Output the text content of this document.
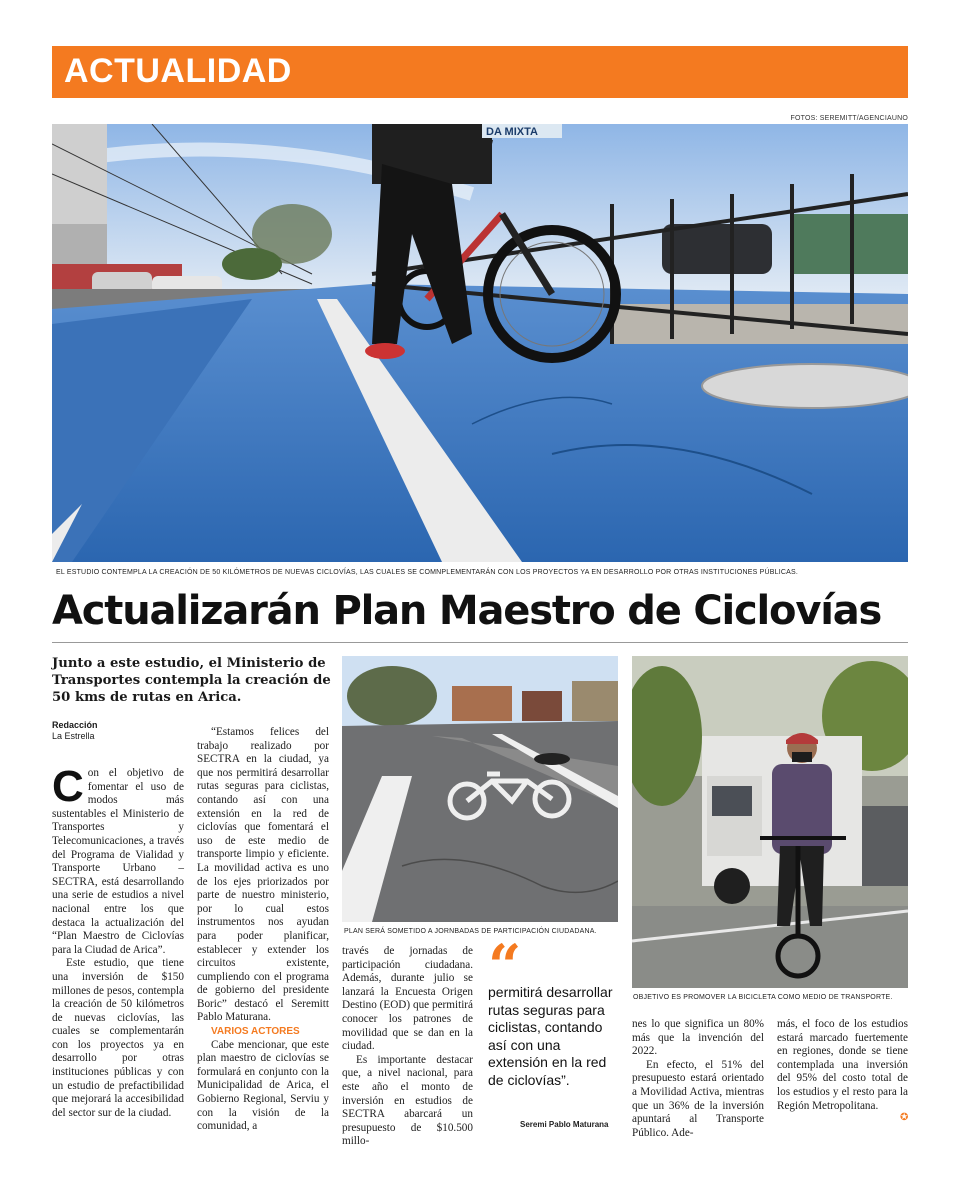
ACTUALIDAD
FOTOS: SEREMITT/AGENCIAUNO
DA MIXTA
EL ESTUDIO CONTEMPLA LA CREACIÓN DE 50 KILÓMETROS DE NUEVAS CICLOVÍAS, LAS CUALES SE COMNPLEMENTARÁN CON LOS PROYECTOS YA EN DESARROLLO POR OTRAS INSTITUCIONES PÚBLICAS.
Actualizarán Plan Maestro de Ciclovías
Junto a este estudio, el Ministerio de Transportes contempla la creación de 50 kms de rutas en Arica.
Redacción
La Estrella

Con el objetivo de fomentar el uso de modos más sustentables el Ministerio de Transportes y Telecomunicaciones, a través del Programa de Vialidad y Transporte Urbano – SECTRA, está desarrollando una serie de estudios a nivel nacional entre los que destaca la actualización del “Plan Maestro de Ciclovías para la Ciudad de Arica”.

Este estudio, que tiene una inversión de $150 millones de pesos, contempla la creación de 50 kilómetros de nuevas ciclovías, las cuales se complementarán con los proyectos ya en desarrollo por otras instituciones públicas y con un estudio de prefactibilidad que mejorará la accesibilidad del sector sur de la ciudad.

“Estamos felices del trabajo realizado por SECTRA en la ciudad, ya que nos permitirá desarrollar rutas seguras para ciclistas, contando así con una extensión en la red de ciclovías que fomentará el uso de este medio de transporte limpio y eficiente. La movilidad activa es uno de los ejes priorizados por parte de nuestro ministerio, por lo cual estos instrumentos nos ayudan para poder planificar, establecer y extender los circuitos existente, cumpliendo con el programa de gobierno del presidente Boric” destacó el Seremitt Pablo Maturana.

VARIOS ACTORES

Cabe mencionar, que este plan maestro de ciclovías se formulará en conjunto con la Municipalidad de Arica, el Gobierno Regional, Serviu y con la visión de la comunidad, a

PLAN SERÁ SOMETIDO A JORNBADAS DE PARTICIPACIÓN CIUDADANA.

través de jornadas de participación ciudadana. Además, durante julio se lanzará la Encuesta Origen Destino (EOD) que permitirá conocer los patrones de movilidad que se dan en la ciudad.

Es importante destacar que, a nivel nacional, para este año el monto de inversión en estudios de SECTRA abarcará un presupuesto de $10.500 millo-

“
permitirá desarrollar rutas seguras para ciclistas, contando así con una extensión en la red de ciclovías”.
Seremi Pablo Maturana
OBJETIVO ES PROMOVER LA BICICLETA COMO MEDIO DE TRANSPORTE.

nes lo que significa un 80% más que la invención del 2022.

En efecto, el 51% del presupuesto estará orientado a Movilidad Activa, mientras que un 36% de la inversión apuntará al Transporte Público. Ade-

más, el foco de los estudios estará marcado fuertemente en regiones, donde se tiene contemplada una inversión del 95% del costo total de los estudios y el resto para la Región Metropolitana.

✪
